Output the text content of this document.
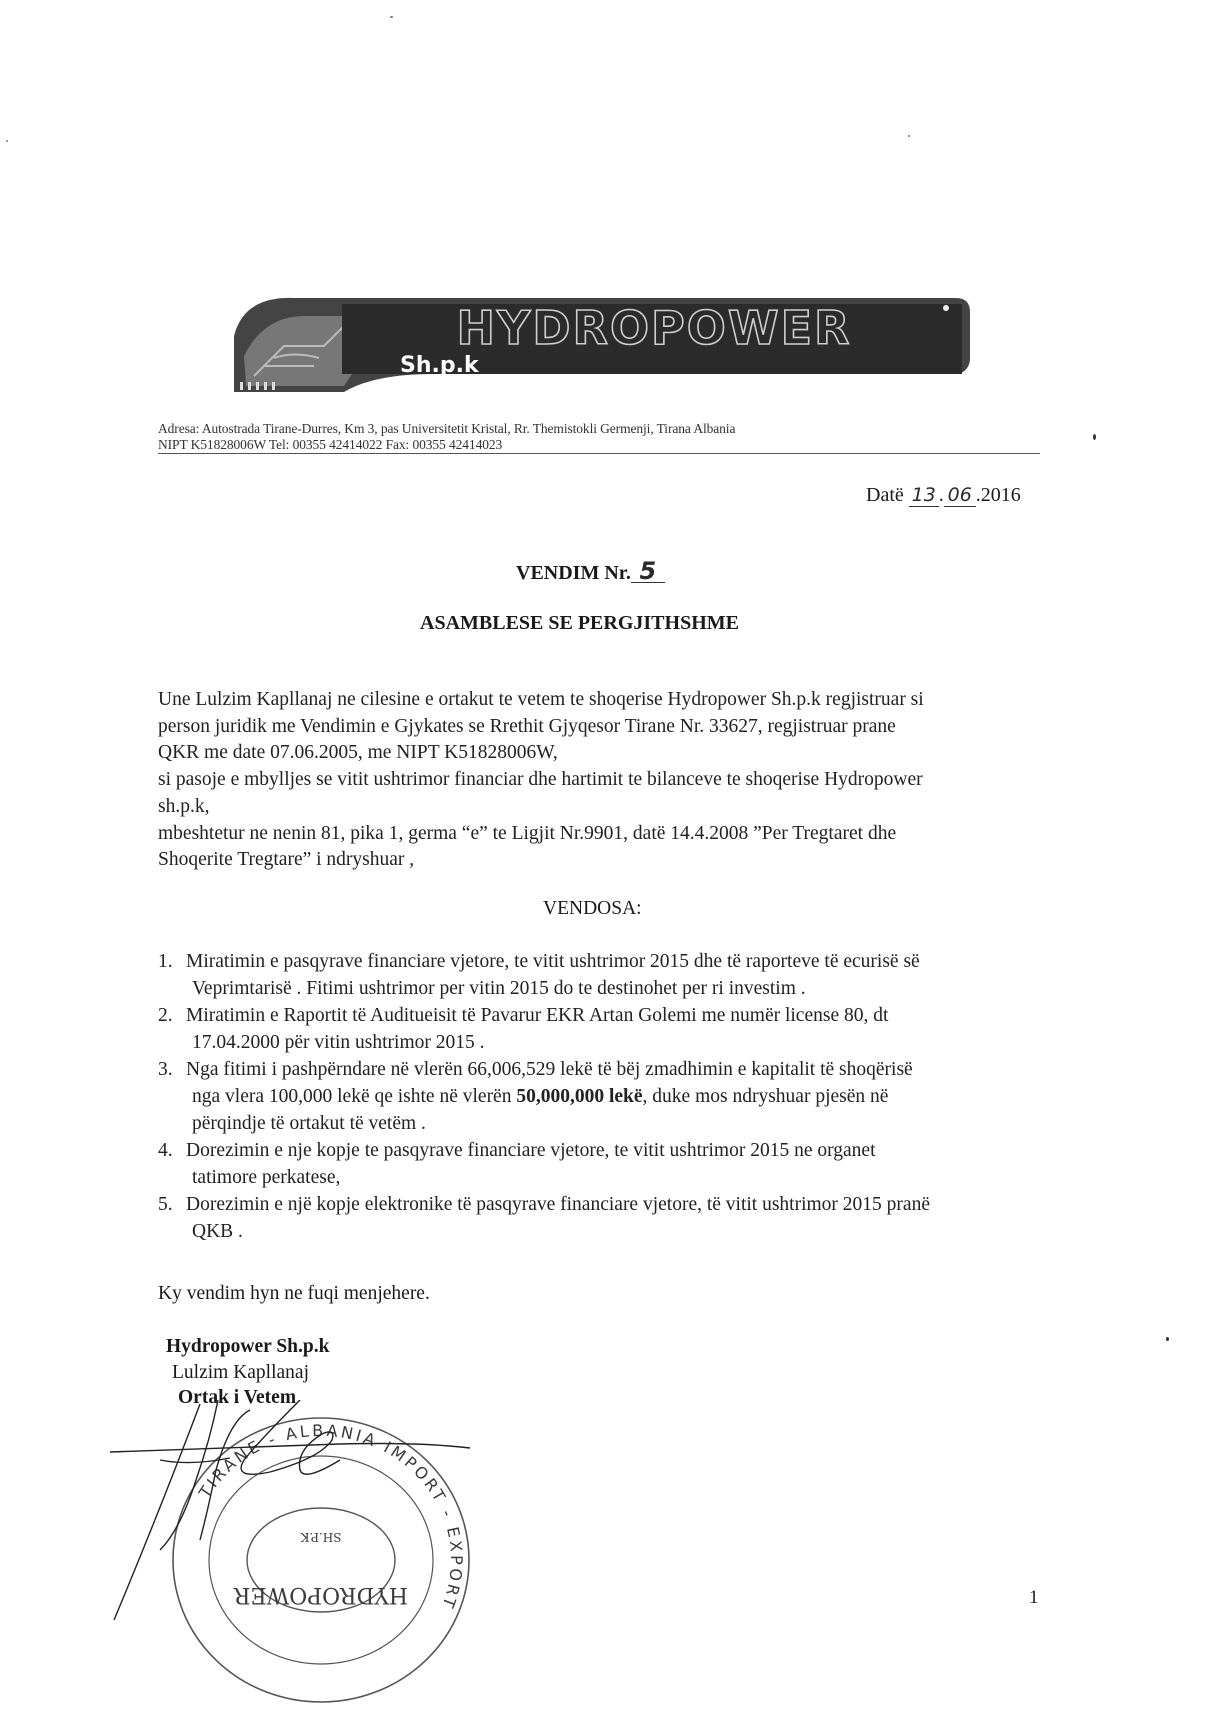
HYDROPOWER
Sh.p.k
Adresa: Autostrada Tirane-Durres, Km 3, pas Universitetit Kristal, Rr. Themistokli Germenji, Tirana Albania
NIPT K51828006W Tel: 00355 42414022 Fax: 00355 42414023
Datë 13 . 06 .2016
VENDIM Nr. 5
ASAMBLESE SE PERGJITHSHME
Une Lulzim Kapllanaj ne cilesine e ortakut te vetem te shoqerise Hydropower Sh.p.k regjistruar si
person juridik me Vendimin e Gjykates se Rrethit Gjyqesor Tirane Nr. 33627, regjistruar prane
QKR me date 07.06.2005, me NIPT K51828006W,
si pasoje e mbylljes se vitit ushtrimor financiar dhe hartimit te bilanceve te shoqerise Hydropower
sh.p.k,
mbeshtetur ne nenin 81, pika 1, germa “e” te Ligjit Nr.9901, datë 14.4.2008 ”Per Tregtaret dhe
Shoqerite Tregtare” i ndryshuar ,
VENDOSA:
1. Miratimin e pasqyrave financiare vjetore, te vitit ushtrimor 2015 dhe të raporteve të ecurisë së
Veprimtarisë . Fitimi ushtrimor per vitin 2015 do te destinohet per ri investim .
2. Miratimin e Raportit të Auditueisit të Pavarur EKR Artan Golemi me numër license 80, dt
17.04.2000 për vitin ushtrimor 2015 .
3. Nga fitimi i pashpërndare në vlerën 66,006,529 lekë të bëj zmadhimin e kapitalit të shoqërisë
nga vlera 100,000 lekë qe ishte në vlerën 50,000,000 lekë, duke mos ndryshuar pjesën në
përqindje të ortakut të vetëm .
4. Dorezimin e nje kopje te pasqyrave financiare vjetore, te vitit ushtrimor 2015 ne organet
tatimore perkatese,
5. Dorezimin e një kopje elektronike të pasqyrave financiare vjetore, të vitit ushtrimor 2015 pranë
QKB .
Ky vendim hyn ne fuqi menjehere.
Hydropower Sh.p.k
Lulzim Kapllanaj
Ortak i Vetem
HYDROPOWER
SH.P.K
TIRANE - ALBANIA IMPORT - EXPORT	1
